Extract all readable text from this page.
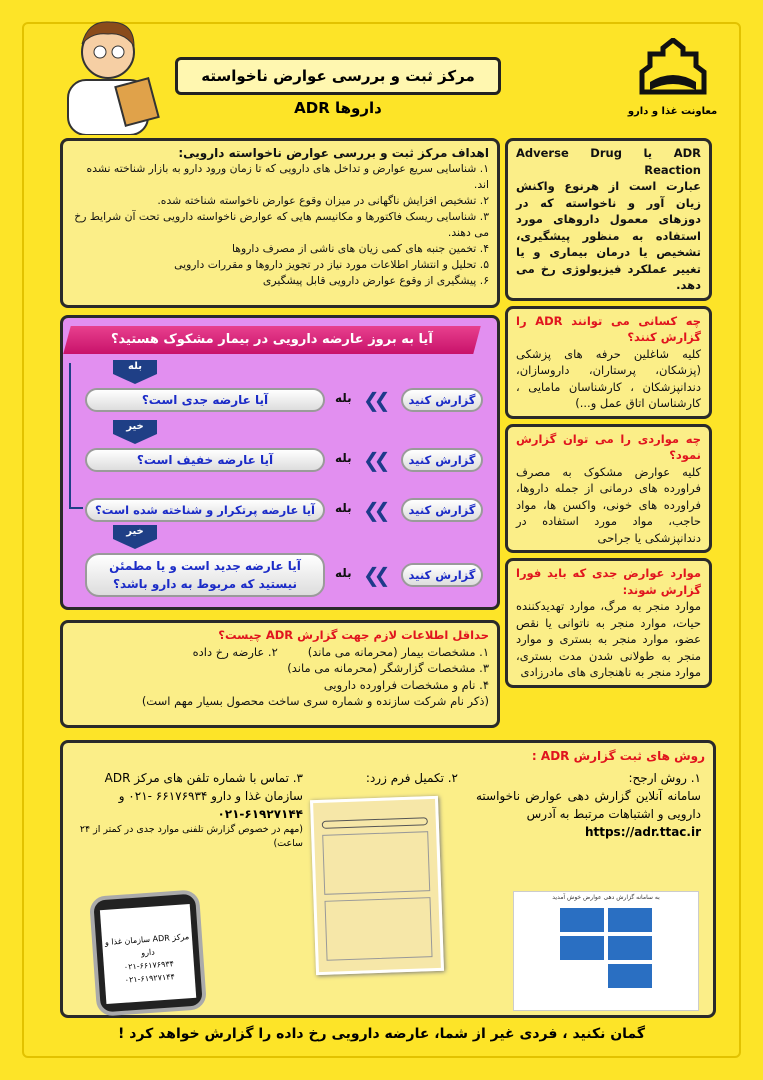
مرکز ثبت و بررسی عوارض ناخواسته داروها ADR	معاونت غذا و دارو
اهداف مرکز ثبت و بررسی عوارض ناخواسته دارویی:
۱. شناسایی سریع عوارض و تداخل های دارویی که تا زمان ورود دارو به بازار شناخته نشده اند.
۲. تشخیص افزایش ناگهانی در میزان وقوع عوارض ناخواسته شناخته شده.
۳. شناسایی ریسک فاکتورها و مکانیسم هایی که عوارض ناخواسته دارویی تحت آن شرایط رخ می دهند.
۴. تخمین جنبه های کمی زیان های ناشی از مصرف داروها
۵. تحلیل و انتشار اطلاعات مورد نیاز در تجویز داروها و مقررات دارویی
۶. پیشگیری از وقوع عوارض دارویی قابل پیشگیری
ADR یا Adverse Drug Reaction
عبارت است از هرنوع واکنش زیان آور و ناخواسته که در دوزهای معمول داروهای مورد استفاده به منظور پیشگیری، تشخیص یا درمان بیماری و یا تغییر عملکرد فیزیولوژی رخ می دهد.
چه کسانی می توانند ADR را گزارش کنند؟
کلیه شاغلین حرفه های پزشکی (پزشکان، پرستاران، داروسازان، دندانپزشکان ، کارشناسان مامایی ، کارشناسان اتاق عمل و...)
چه مواردی را می توان گزارش نمود؟
کلیه عوارض مشکوک به مصرف فراورده های درمانی از جمله داروها، فراورده های خونی، واکسن ها، مواد حاجب، مواد مورد استفاده در دندانپزشکی یا جراحی
موارد عوارض جدی که باید فورا گزارش شوند:
موارد منجر به مرگ، موارد تهدیدکننده حیات، موارد منجر به ناتوانی یا نقص عضو، موارد منجر به بستری و موارد منجر به طولانی شدن مدت بستری، موارد منجر به ناهنجاری های مادرزادی
آیا به بروز عارضه دارویی در بیمار مشکوک هستید؟
بله
آیا عارضه جدی است؟	بله ❯❯	گزارش کنید
خیر
آیا عارضه خفیف است؟	بله ❯❯	گزارش کنید
آیا عارضه پرتکرار و شناخته شده است؟	بله ❯❯	گزارش کنید
خیر
آیا عارضه جدید است و یا مطمئن نیستید که مربوط به دارو باشد؟
بله ❯❯	گزارش کنید
حداقل اطلاعات لازم جهت گزارش ADR چیست؟
۱. مشخصات بیمار (محرمانه می ماند)۲. عارضه رخ داده
۳. مشخصات گزارشگر (محرمانه می ماند)
۴. نام و مشخصات فراورده دارویی
(ذکر نام شرکت سازنده و شماره سری ساخت محصول بسیار مهم است)
روش های ثبت گزارش ADR :
۱. روش ارجح:
سامانه آنلاین گزارش دهی عوارض ناخواسته دارویی و اشتباهات مرتبط به آدرس
https://adr.ttac.ir
به سامانه گزارش دهی عوارض خوش آمدید
۲. تکمیل فرم زرد:
۳. تماس با شماره تلفن های مرکز ADR سازمان غذا و دارو ۶۶۱۷۶۹۳۴ -۰۲۱ و
۰۲۱-۶۱۹۲۷۱۴۴
(مهم در خصوص گزارش تلفنی موارد جدی در کمتر از ۲۴ ساعت)
مرکز ADR سازمان غذا و دارو
۰۲۱-۶۶۱۷۶۹۳۴
۰۲۱-۶۱۹۲۷۱۴۴
گمان نکنید ، فردی غیر از شما، عارضه دارویی رخ داده را گزارش خواهد کرد !
